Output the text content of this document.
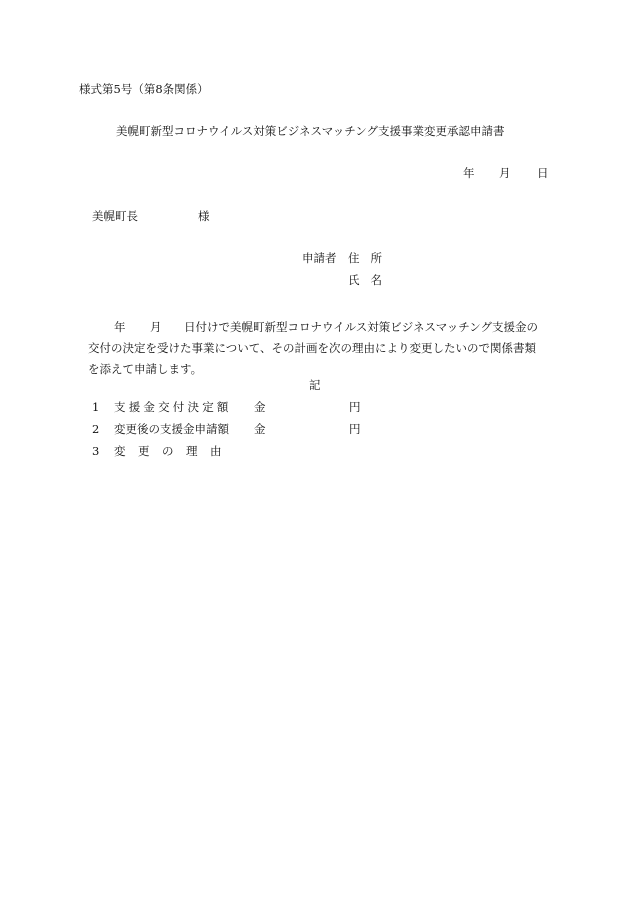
様式第5号（第8条関係）
美幌町新型コロナウイルス対策ビジネスマッチング支援事業変更承認申請書
年 月 日
美幌町長	様
申請者 住所
氏名
年 月 日付けで美幌町新型コロナウイルス対策ビジネスマッチング支援金の
交付の決定を受けた事業について、その計画を次の理由により変更したいので関係書類
を添えて申請します。
記
1 支援金交付決定額 金	円
2 変更後の支援金申請額 金	円
3 変更の理由
